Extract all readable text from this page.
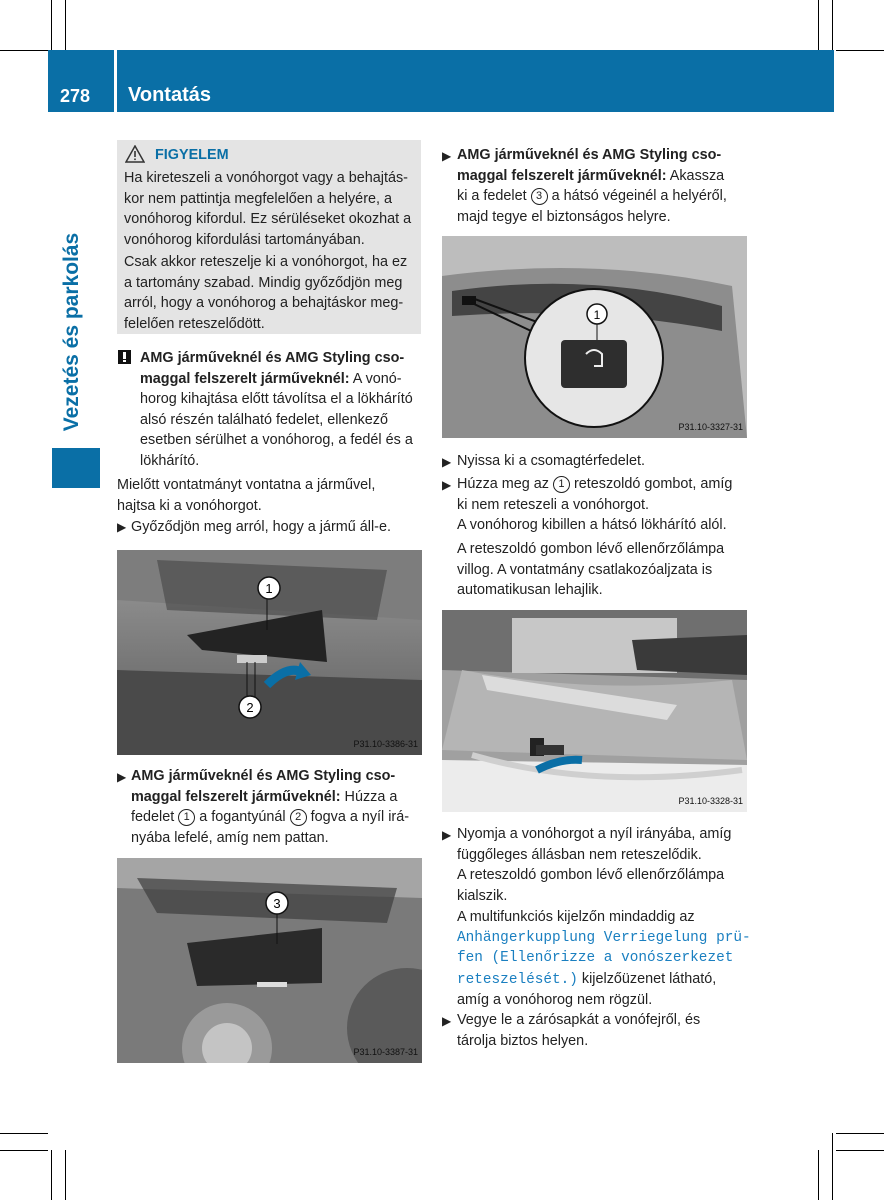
278 Vontatás
Vezetés és parkolás
FIGYELEM
Ha kireteszeli a vonóhorgot vagy a behajtás-
kor nem pattintja megfelelően a helyére, a
vonóhorog kifordul. Ez sérüléseket okozhat a
vonóhorog kifordulási tartományában.
Csak akkor reteszelje ki a vonóhorgot, ha ez
a tartomány szabad. Mindig győződjön meg
arról, hogy a vonóhorog a behajtáskor meg-
felelően reteszelődött.
AMG járműveknél és AMG Styling cso-
maggal felszerelt járműveknél: A vonó-
horog kihajtása előtt távolítsa el a lökhárító
alsó részén található fedelet, ellenkező
esetben sérülhet a vonóhorog, a fedél és a
lökhárító.
Mielőtt vontatmányt vontatna a járművel,
hajtsa ki a vonóhorgot.
▶ Győződjön meg arról, hogy a jármű áll-e.
1
2
P31.10-3386-31
▶ AMG járműveknél és AMG Styling cso-
maggal felszerelt járműveknél: Húzza a
fedelet 1 a fogantyúnál 2 fogva a nyíl irá-
nyába lefelé, amíg nem pattan.
3
P31.10-3387-31
▶ AMG járműveknél és AMG Styling cso-
maggal felszerelt járműveknél: Akassza
ki a fedelet 3 a hátsó végeinél a helyéről,
majd tegye el biztonságos helyre.
1
P31.10-3327-31
▶ Nyissa ki a csomagtérfedelet.
▶ Húzza meg az 1 reteszoldó gombot, amíg
ki nem reteszeli a vonóhorgot.
A vonóhorog kibillen a hátsó lökhárító alól.
A reteszoldó gombon lévő ellenőrzőlámpa
villog. A vontatmány csatlakozóaljzata is
automatikusan lehajlik.
P31.10-3328-31
▶ Nyomja a vonóhorgot a nyíl irányába, amíg
függőleges állásban nem reteszelődik.
A reteszoldó gombon lévő ellenőrzőlámpa
kialszik.
A multifunkciós kijelzőn mindaddig az
Anhängerkupplung Verriegelung prü-
fen (Ellenőrizze a vonószerkezet
reteszelését.) kijelzőüzenet látható,
amíg a vonóhorog nem rögzül.
▶ Vegye le a zárósapkát a vonófejről, és
tárolja biztos helyen.
